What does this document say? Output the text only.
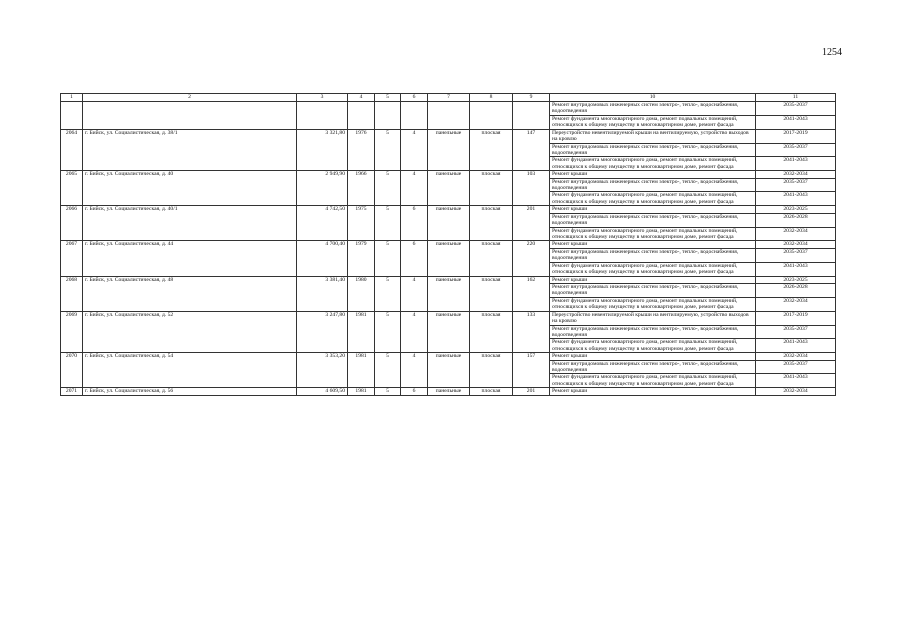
1254
1	2	3	4	5	6	7	8	9	10	11
									Ремонт внутридомовых инженерных систем электро-, тепло-, водоснабжения, водоотведения	2035-2037
									Ремонт фундамента многоквартирного дома, ремонт подвальных помещений, относящихся к общему имуществу в многоквартирном доме, ремонт фасада	2041-2043
2064	г. Бийск, ул. Социалистическая, д. 38/1	3 321,80	1976	5	4	панельные	плоская	147	Переустройство невентилируемой крыши на вентилируемую, устройство выходов на кровлю	2017-2019
									Ремонт внутридомовых инженерных систем электро-, тепло-, водоснабжения, водоотведения	2035-2037
									Ремонт фундамента многоквартирного дома, ремонт подвальных помещений, относящихся к общему имуществу в многоквартирном доме, ремонт фасада	2041-2043
2065	г. Бийск, ул. Социалистическая, д. 40	2 949,90	1966	5	4	панельные	плоская	103	Ремонт крыши	2032-2034
									Ремонт внутридомовых инженерных систем электро-, тепло-, водоснабжения, водоотведения	2035-2037
									Ремонт фундамента многоквартирного дома, ремонт подвальных помещений, относящихся к общему имуществу в многоквартирном доме, ремонт фасада	2041-2043
2066	г. Бийск, ул. Социалистическая, д. 40/1	4 742,50	1975	5	6	панельные	плоская	201	Ремонт крыши	2023-2025
									Ремонт внутридомовых инженерных систем электро-, тепло-, водоснабжения, водоотведения	2026-2028
									Ремонт фундамента многоквартирного дома, ремонт подвальных помещений, относящихся к общему имуществу в многоквартирном доме, ремонт фасада	2032-2034
2067	г. Бийск, ул. Социалистическая, д. 44	4 700,40	1979	5	6	панельные	плоская	220	Ремонт крыши	2032-2034
									Ремонт внутридомовых инженерных систем электро-, тепло-, водоснабжения, водоотведения	2035-2037
									Ремонт фундамента многоквартирного дома, ремонт подвальных помещений, относящихся к общему имуществу в многоквартирном доме, ремонт фасада	2041-2043
2068	г. Бийск, ул. Социалистическая, д. 48	3 381,40	1980	5	4	панельные	плоская	162	Ремонт крыши	2023-2025
									Ремонт внутридомовых инженерных систем электро-, тепло-, водоснабжения, водоотведения	2026-2028
									Ремонт фундамента многоквартирного дома, ремонт подвальных помещений, относящихся к общему имуществу в многоквартирном доме, ремонт фасада	2032-2034
2069	г. Бийск, ул. Социалистическая, д. 52	3 247,80	1981	5	4	панельные	плоская	133	Переустройство невентилируемой крыши на вентилируемую, устройство выходов на кровлю	2017-2019
									Ремонт внутридомовых инженерных систем электро-, тепло-, водоснабжения, водоотведения	2035-2037
									Ремонт фундамента многоквартирного дома, ремонт подвальных помещений, относящихся к общему имуществу в многоквартирном доме, ремонт фасада	2041-2043
2070	г. Бийск, ул. Социалистическая, д. 54	3 353,20	1981	5	4	панельные	плоская	157	Ремонт крыши	2032-2034
									Ремонт внутридомовых инженерных систем электро-, тепло-, водоснабжения, водоотведения	2035-2037
									Ремонт фундамента многоквартирного дома, ремонт подвальных помещений, относящихся к общему имуществу в многоквартирном доме, ремонт фасада	2041-2043
2071	г. Бийск, ул. Социалистическая, д. 56	4 609,50	1981	5	6	панельные	плоская	201	Ремонт крыши	2032-2034
